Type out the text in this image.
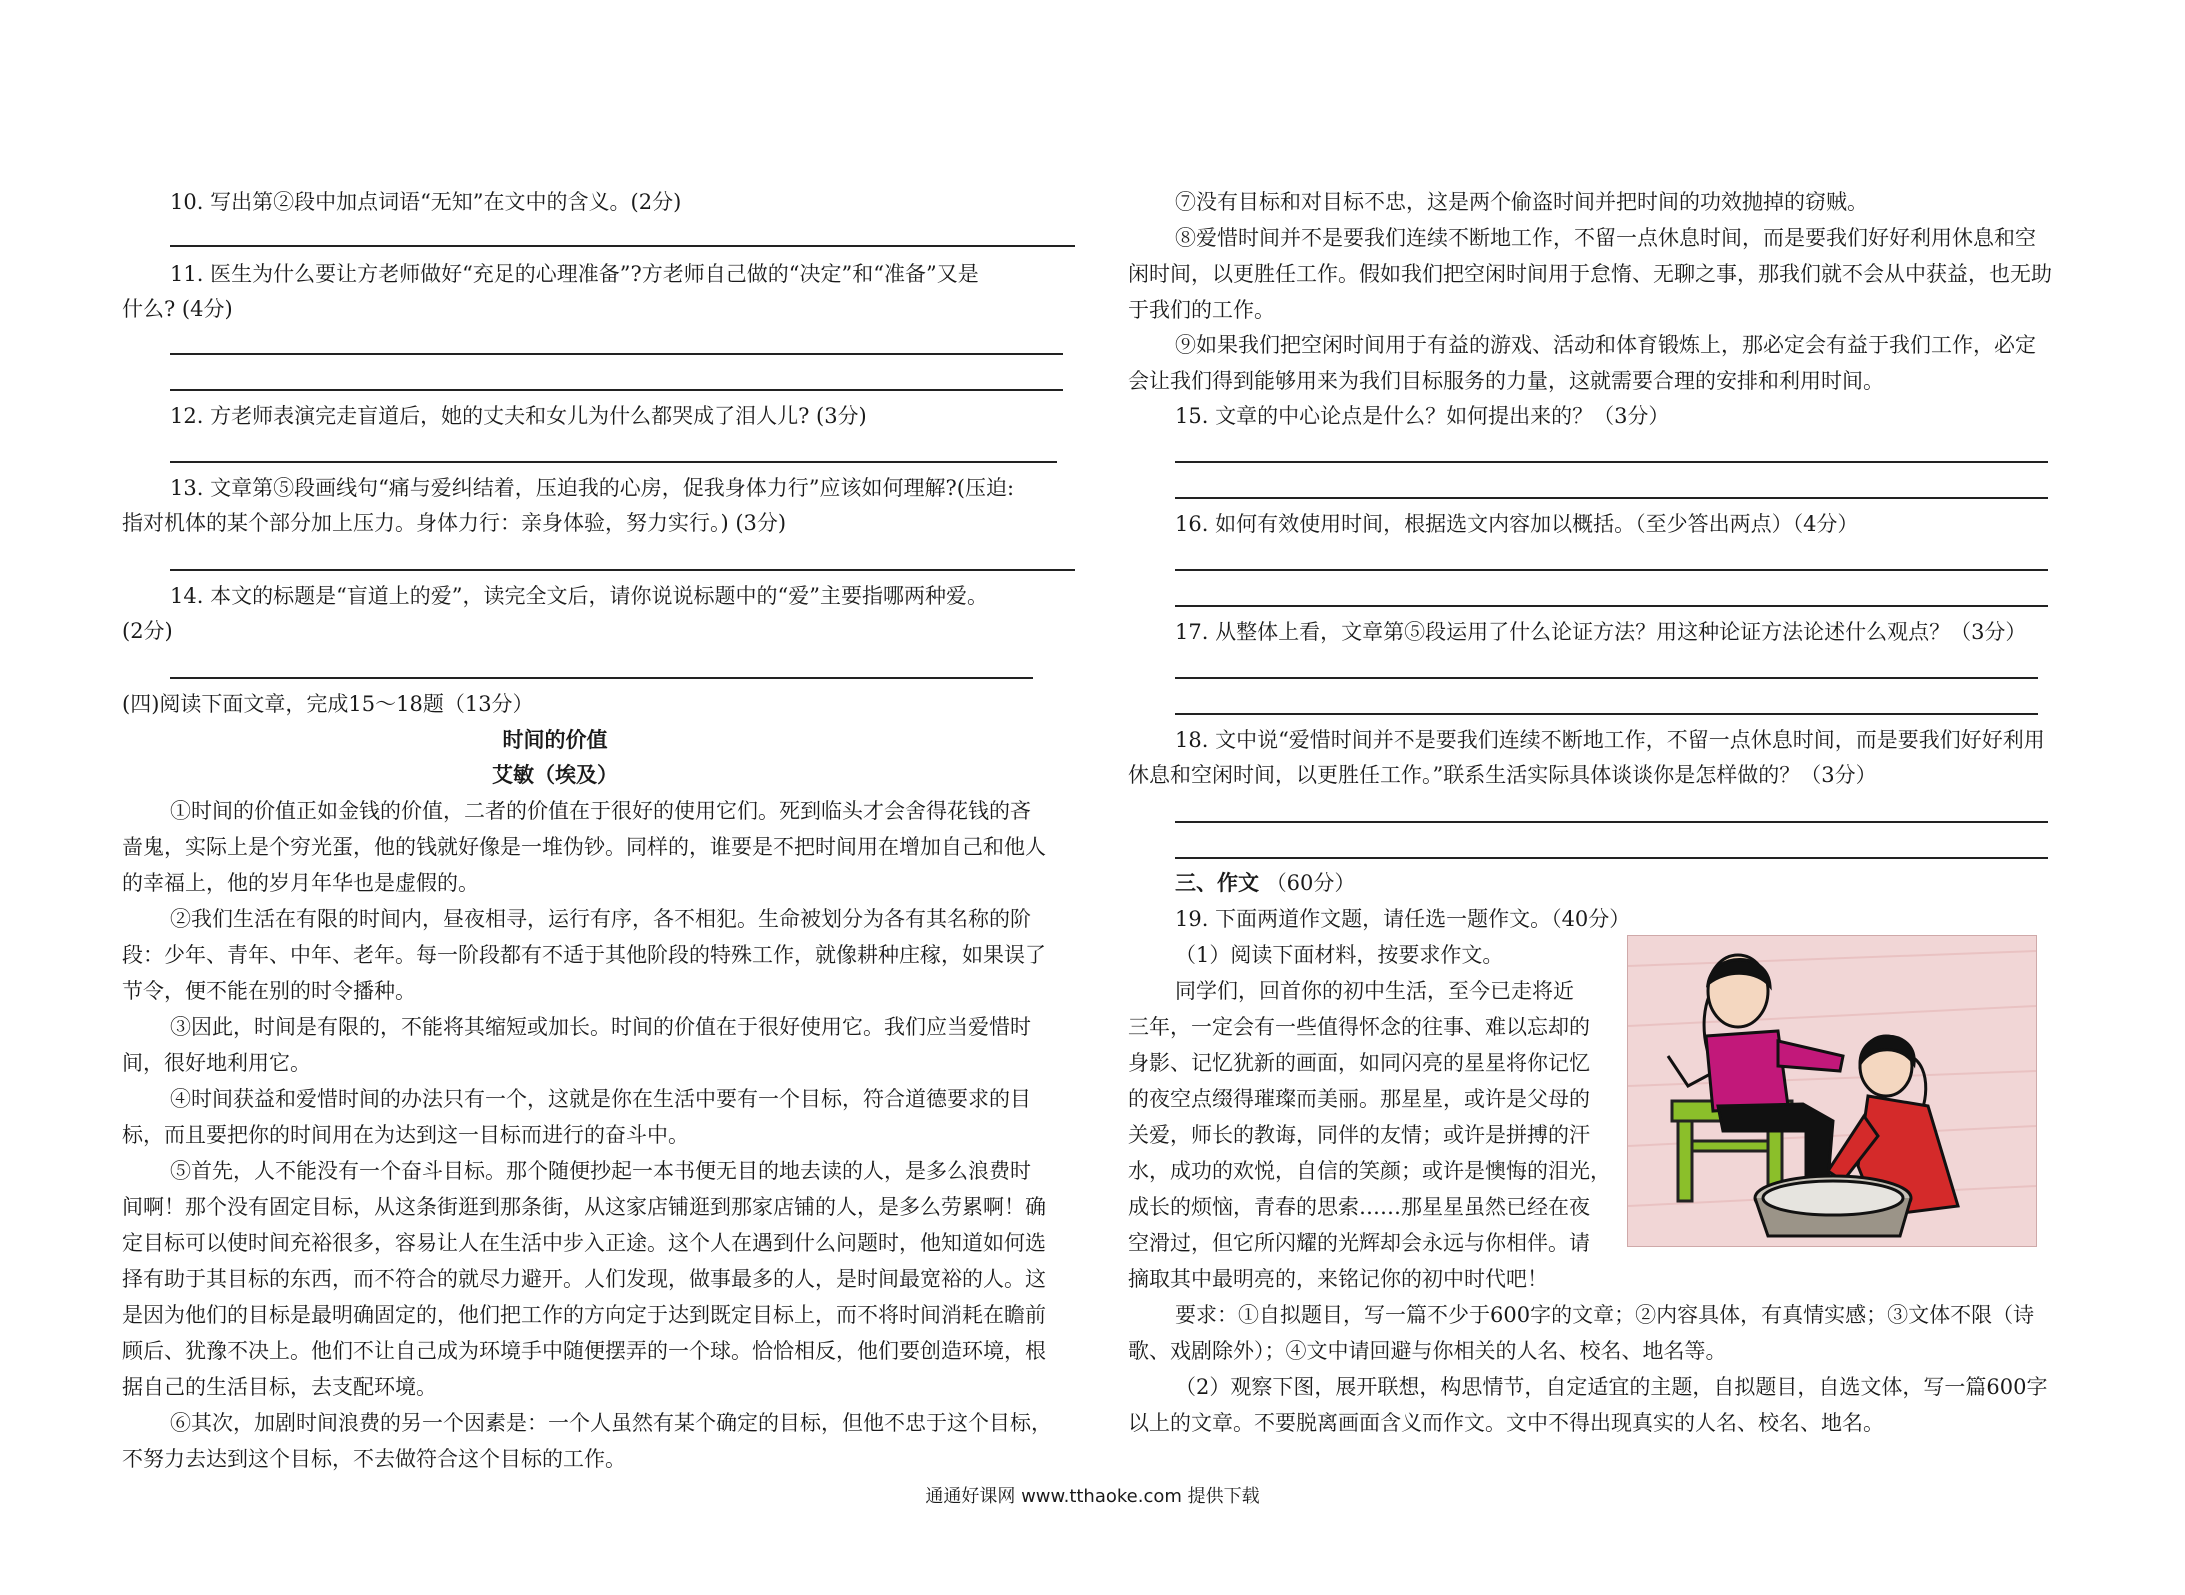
10. 写出第②段中加点词语“无知”在文中的含义。(2分)
11. 医生为什么要让方老师做好“充足的心理准备”?方老师自己做的“决定”和“准备”又是
什么? (4分)
12. 方老师表演完走盲道后，她的丈夫和女儿为什么都哭成了泪人儿? (3分)
13. 文章第⑤段画线句“痛与爱纠结着，压迫我的心房，促我身体力行”应该如何理解?(压迫:
指对机体的某个部分加上压力。身体力行：亲身体验，努力实行。) (3分)
14. 本文的标题是“盲道上的爱”，读完全文后，请你说说标题中的“爱”主要指哪两种爱。
(2分)
(四)阅读下面文章，完成15～18题（13分）
时间的价值
艾敏（埃及）
①时间的价值正如金钱的价值，二者的价值在于很好的使用它们。死到临头才会舍得花钱的吝
啬鬼，实际上是个穷光蛋，他的钱就好像是一堆伪钞。同样的，谁要是不把时间用在增加自己和他人
的幸福上，他的岁月年华也是虚假的。
②我们生活在有限的时间内，昼夜相寻，运行有序，各不相犯。生命被划分为各有其名称的阶
段：少年、青年、中年、老年。每一阶段都有不适于其他阶段的特殊工作，就像耕种庄稼，如果误了
节令，便不能在别的时令播种。
③因此，时间是有限的，不能将其缩短或加长。时间的价值在于很好使用它。我们应当爱惜时
间，很好地利用它。
④时间获益和爱惜时间的办法只有一个，这就是你在生活中要有一个目标，符合道德要求的目
标，而且要把你的时间用在为达到这一目标而进行的奋斗中。
⑤首先，人不能没有一个奋斗目标。那个随便抄起一本书便无目的地去读的人，是多么浪费时
间啊！那个没有固定目标，从这条街逛到那条街，从这家店铺逛到那家店铺的人，是多么劳累啊！确
定目标可以使时间充裕很多，容易让人在生活中步入正途。这个人在遇到什么问题时，他知道如何选
择有助于其目标的东西，而不符合的就尽力避开。人们发现，做事最多的人，是时间最宽裕的人。这
是因为他们的目标是最明确固定的，他们把工作的方向定于达到既定目标上，而不将时间消耗在瞻前
顾后、犹豫不决上。他们不让自己成为环境手中随便摆弄的一个球。恰恰相反，他们要创造环境，根
据自己的生活目标，去支配环境。
⑥其次，加剧时间浪费的另一个因素是：一个人虽然有某个确定的目标，但他不忠于这个目标，
不努力去达到这个目标，不去做符合这个目标的工作。
⑦没有目标和对目标不忠，这是两个偷盗时间并把时间的功效抛掉的窃贼。
⑧爱惜时间并不是要我们连续不断地工作，不留一点休息时间，而是要我们好好利用休息和空
闲时间，以更胜任工作。假如我们把空闲时间用于怠惰、无聊之事，那我们就不会从中获益，也无助
于我们的工作。
⑨如果我们把空闲时间用于有益的游戏、活动和体育锻炼上，那必定会有益于我们工作，必定
会让我们得到能够用来为我们目标服务的力量，这就需要合理的安排和利用时间。
15. 文章的中心论点是什么？如何提出来的？（3分）
16. 如何有效使用时间，根据选文内容加以概括。（至少答出两点）（4分）
17. 从整体上看，文章第⑤段运用了什么论证方法？用这种论证方法论述什么观点？（3分）
18. 文中说“爱惜时间并不是要我们连续不断地工作，不留一点休息时间，而是要我们好好利用
休息和空闲时间，以更胜任工作。”联系生活实际具体谈谈你是怎样做的？（3分）
三、作文 （60分）
19. 下面两道作文题，请任选一题作文。（40分）
（1）阅读下面材料，按要求作文。
同学们，回首你的初中生活，至今已走将近
三年，一定会有一些值得怀念的往事、难以忘却的
身影、记忆犹新的画面，如同闪亮的星星将你记忆
的夜空点缀得璀璨而美丽。那星星，或许是父母的
关爱，师长的教诲，同伴的友情；或许是拼搏的汗
水，成功的欢悦，自信的笑颜；或许是懊悔的泪光，
成长的烦恼，青春的思索……那星星虽然已经在夜
空滑过，但它所闪耀的光辉却会永远与你相伴。请
摘取其中最明亮的，来铭记你的初中时代吧！
要求：①自拟题目，写一篇不少于600字的文章；②内容具体，有真情实感；③文体不限（诗
歌、戏剧除外）；④文中请回避与你相关的人名、校名、地名等。
（2）观察下图，展开联想，构思情节，自定适宜的主题，自拟题目，自选文体，写一篇600字
以上的文章。不要脱离画面含义而作文。文中不得出现真实的人名、校名、地名。
通通好课网 www.tthaoke.com 提供下载
